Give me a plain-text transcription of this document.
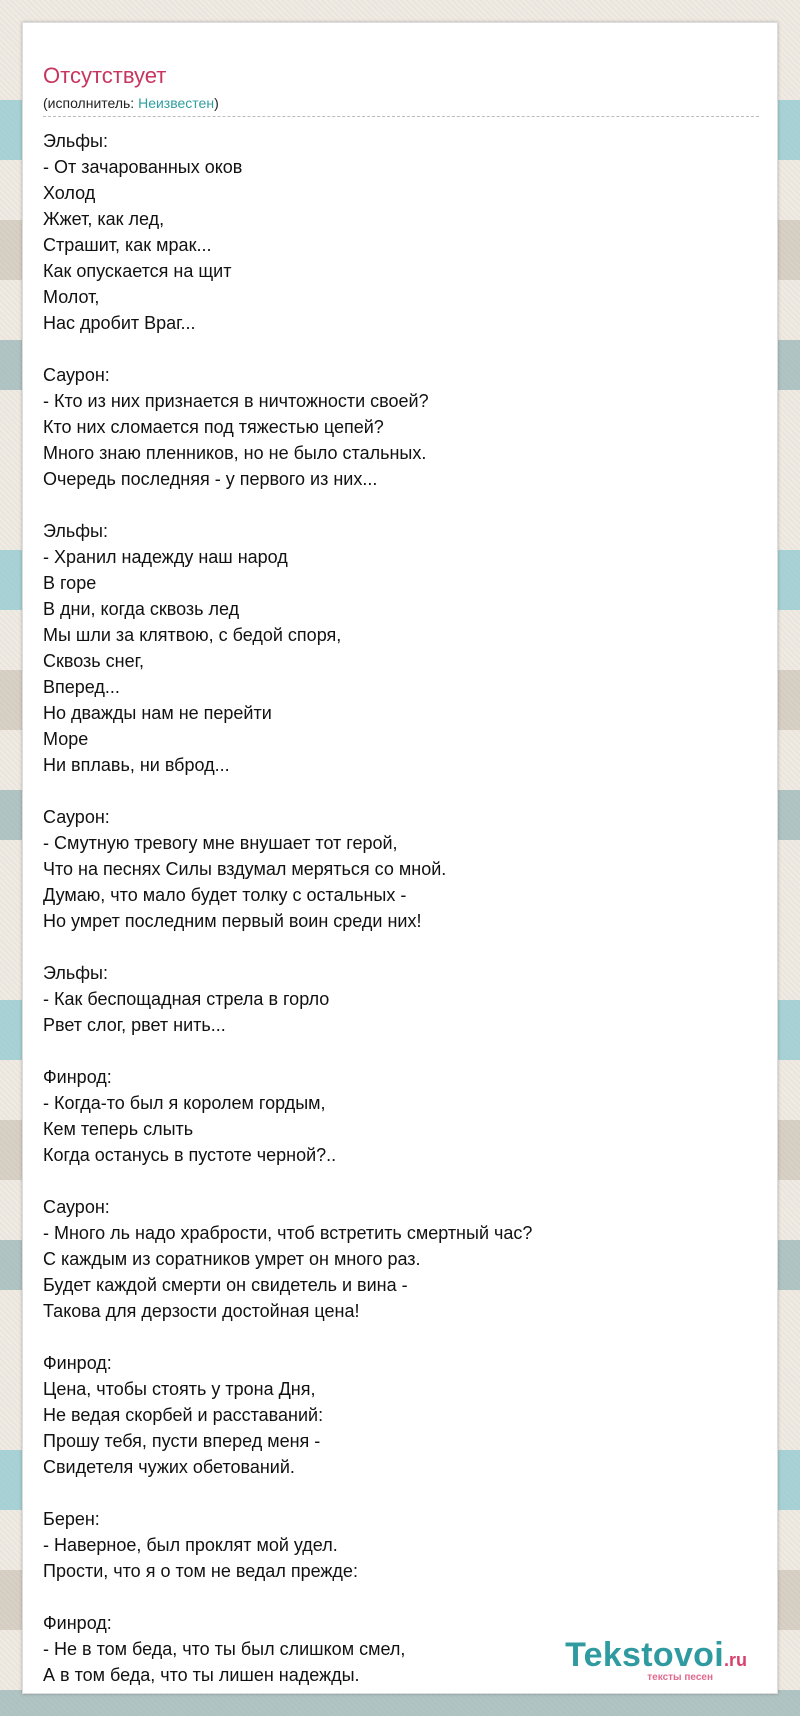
Отсутствует
(исполнитель: Неизвестен)
Эльфы:
- От зачарованных оков
Холод
Жжет, как лед,
Страшит, как мрак...
Как опускается на щит
Молот,
Нас дробит Враг...
Саурон:
- Кто из них признается в ничтожности своей?
Кто них сломается под тяжестью цепей?
Много знаю пленников, но не было стальных.
Очередь последняя - у первого из них...
Эльфы:
- Хранил надежду наш народ
В горе
В дни, когда сквозь лед
Мы шли за клятвою, с бедой споря,
Сквозь снег,
Вперед...
Но дважды нам не перейти
Море
Ни вплавь, ни вброд...
Саурон:
- Смутную тревогу мне внушает тот герой,
Что на песнях Силы вздумал меряться со мной.
Думаю, что мало будет толку с остальных -
Но умрет последним первый воин среди них!
Эльфы:
- Как беспощадная стрела в горло
Рвет слог, рвет нить...
Финрод:
- Когда-то был я королем гордым,
Кем теперь слыть
Когда останусь в пустоте черной?..
Саурон:
- Много ль надо храбрости, чтоб встретить смертный час?
С каждым из соратников умрет он много раз.
Будет каждой смерти он свидетель и вина -
Такова для дерзости достойная цена!
Финрод:
Цена, чтобы стоять у трона Дня,
Не ведая скорбей и расставаний:
Прошу тебя, пусти вперед меня -
Свидетеля чужих обетований.
Берен:
- Наверное, был проклят мой удел.
Прости, что я о том не ведал прежде:
Финрод:
- Не в том беда, что ты был слишком смел,
А в том беда, что ты лишен надежды.
Tekstovoi.ru
тексты песен
